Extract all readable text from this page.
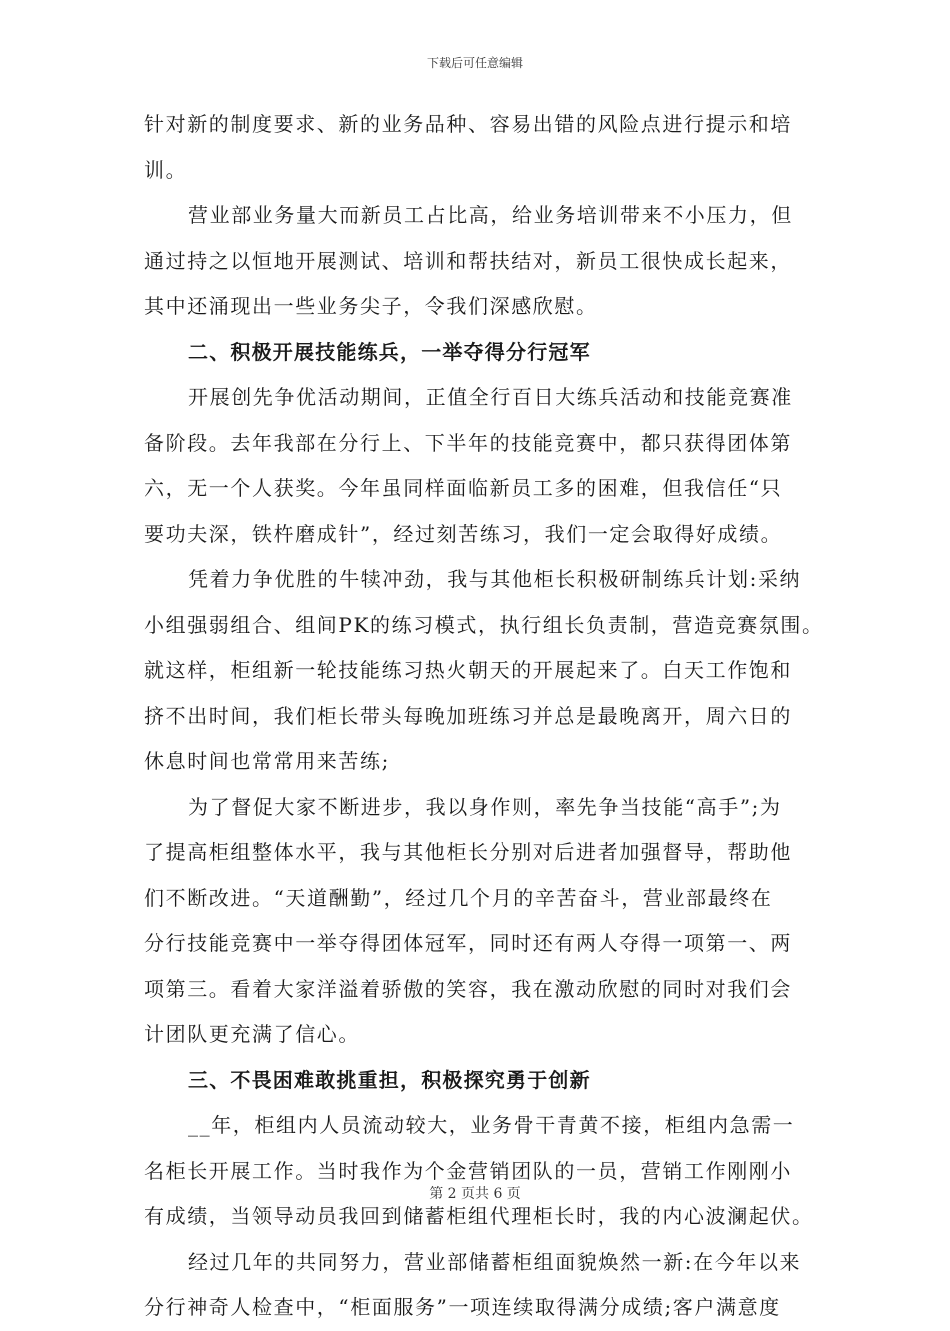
下载后可任意编辑
针对新的制度要求、新的业务品种、容易出错的风险点进行提示和培
训。
营业部业务量大而新员工占比高，给业务培训带来不小压力，但
通过持之以恒地开展测试、培训和帮扶结对，新员工很快成长起来，
其中还涌现出一些业务尖子，令我们深感欣慰。
二、积极开展技能练兵，一举夺得分行冠军
开展创先争优活动期间，正值全行百日大练兵活动和技能竞赛准
备阶段。去年我部在分行上、下半年的技能竞赛中，都只获得团体第
六，无一个人获奖。今年虽同样面临新员工多的困难，但我信任“只
要功夫深，铁杵磨成针”，经过刻苦练习，我们一定会取得好成绩。
凭着力争优胜的牛犊冲劲，我与其他柜长积极研制练兵计划:采纳
小组强弱组合、组间PK的练习模式，执行组长负责制，营造竞赛氛围。
就这样，柜组新一轮技能练习热火朝天的开展起来了。白天工作饱和
挤不出时间，我们柜长带头每晚加班练习并总是最晚离开，周六日的
休息时间也常常用来苦练;
为了督促大家不断进步，我以身作则，率先争当技能“高手”;为
了提高柜组整体水平，我与其他柜长分别对后进者加强督导，帮助他
们不断改进。“天道酬勤”，经过几个月的辛苦奋斗，营业部最终在
分行技能竞赛中一举夺得团体冠军，同时还有两人夺得一项第一、两
项第三。看着大家洋溢着骄傲的笑容，我在激动欣慰的同时对我们会
计团队更充满了信心。
三、不畏困难敢挑重担，积极探究勇于创新
__年，柜组内人员流动较大，业务骨干青黄不接，柜组内急需一
名柜长开展工作。当时我作为个金营销团队的一员，营销工作刚刚小
有成绩，当领导动员我回到储蓄柜组代理柜长时，我的内心波澜起伏。
经过几年的共同努力，营业部储蓄柜组面貌焕然一新:在今年以来
分行神奇人检查中，“柜面服务”一项连续取得满分成绩;客户满意度
第 2 页共 6 页
